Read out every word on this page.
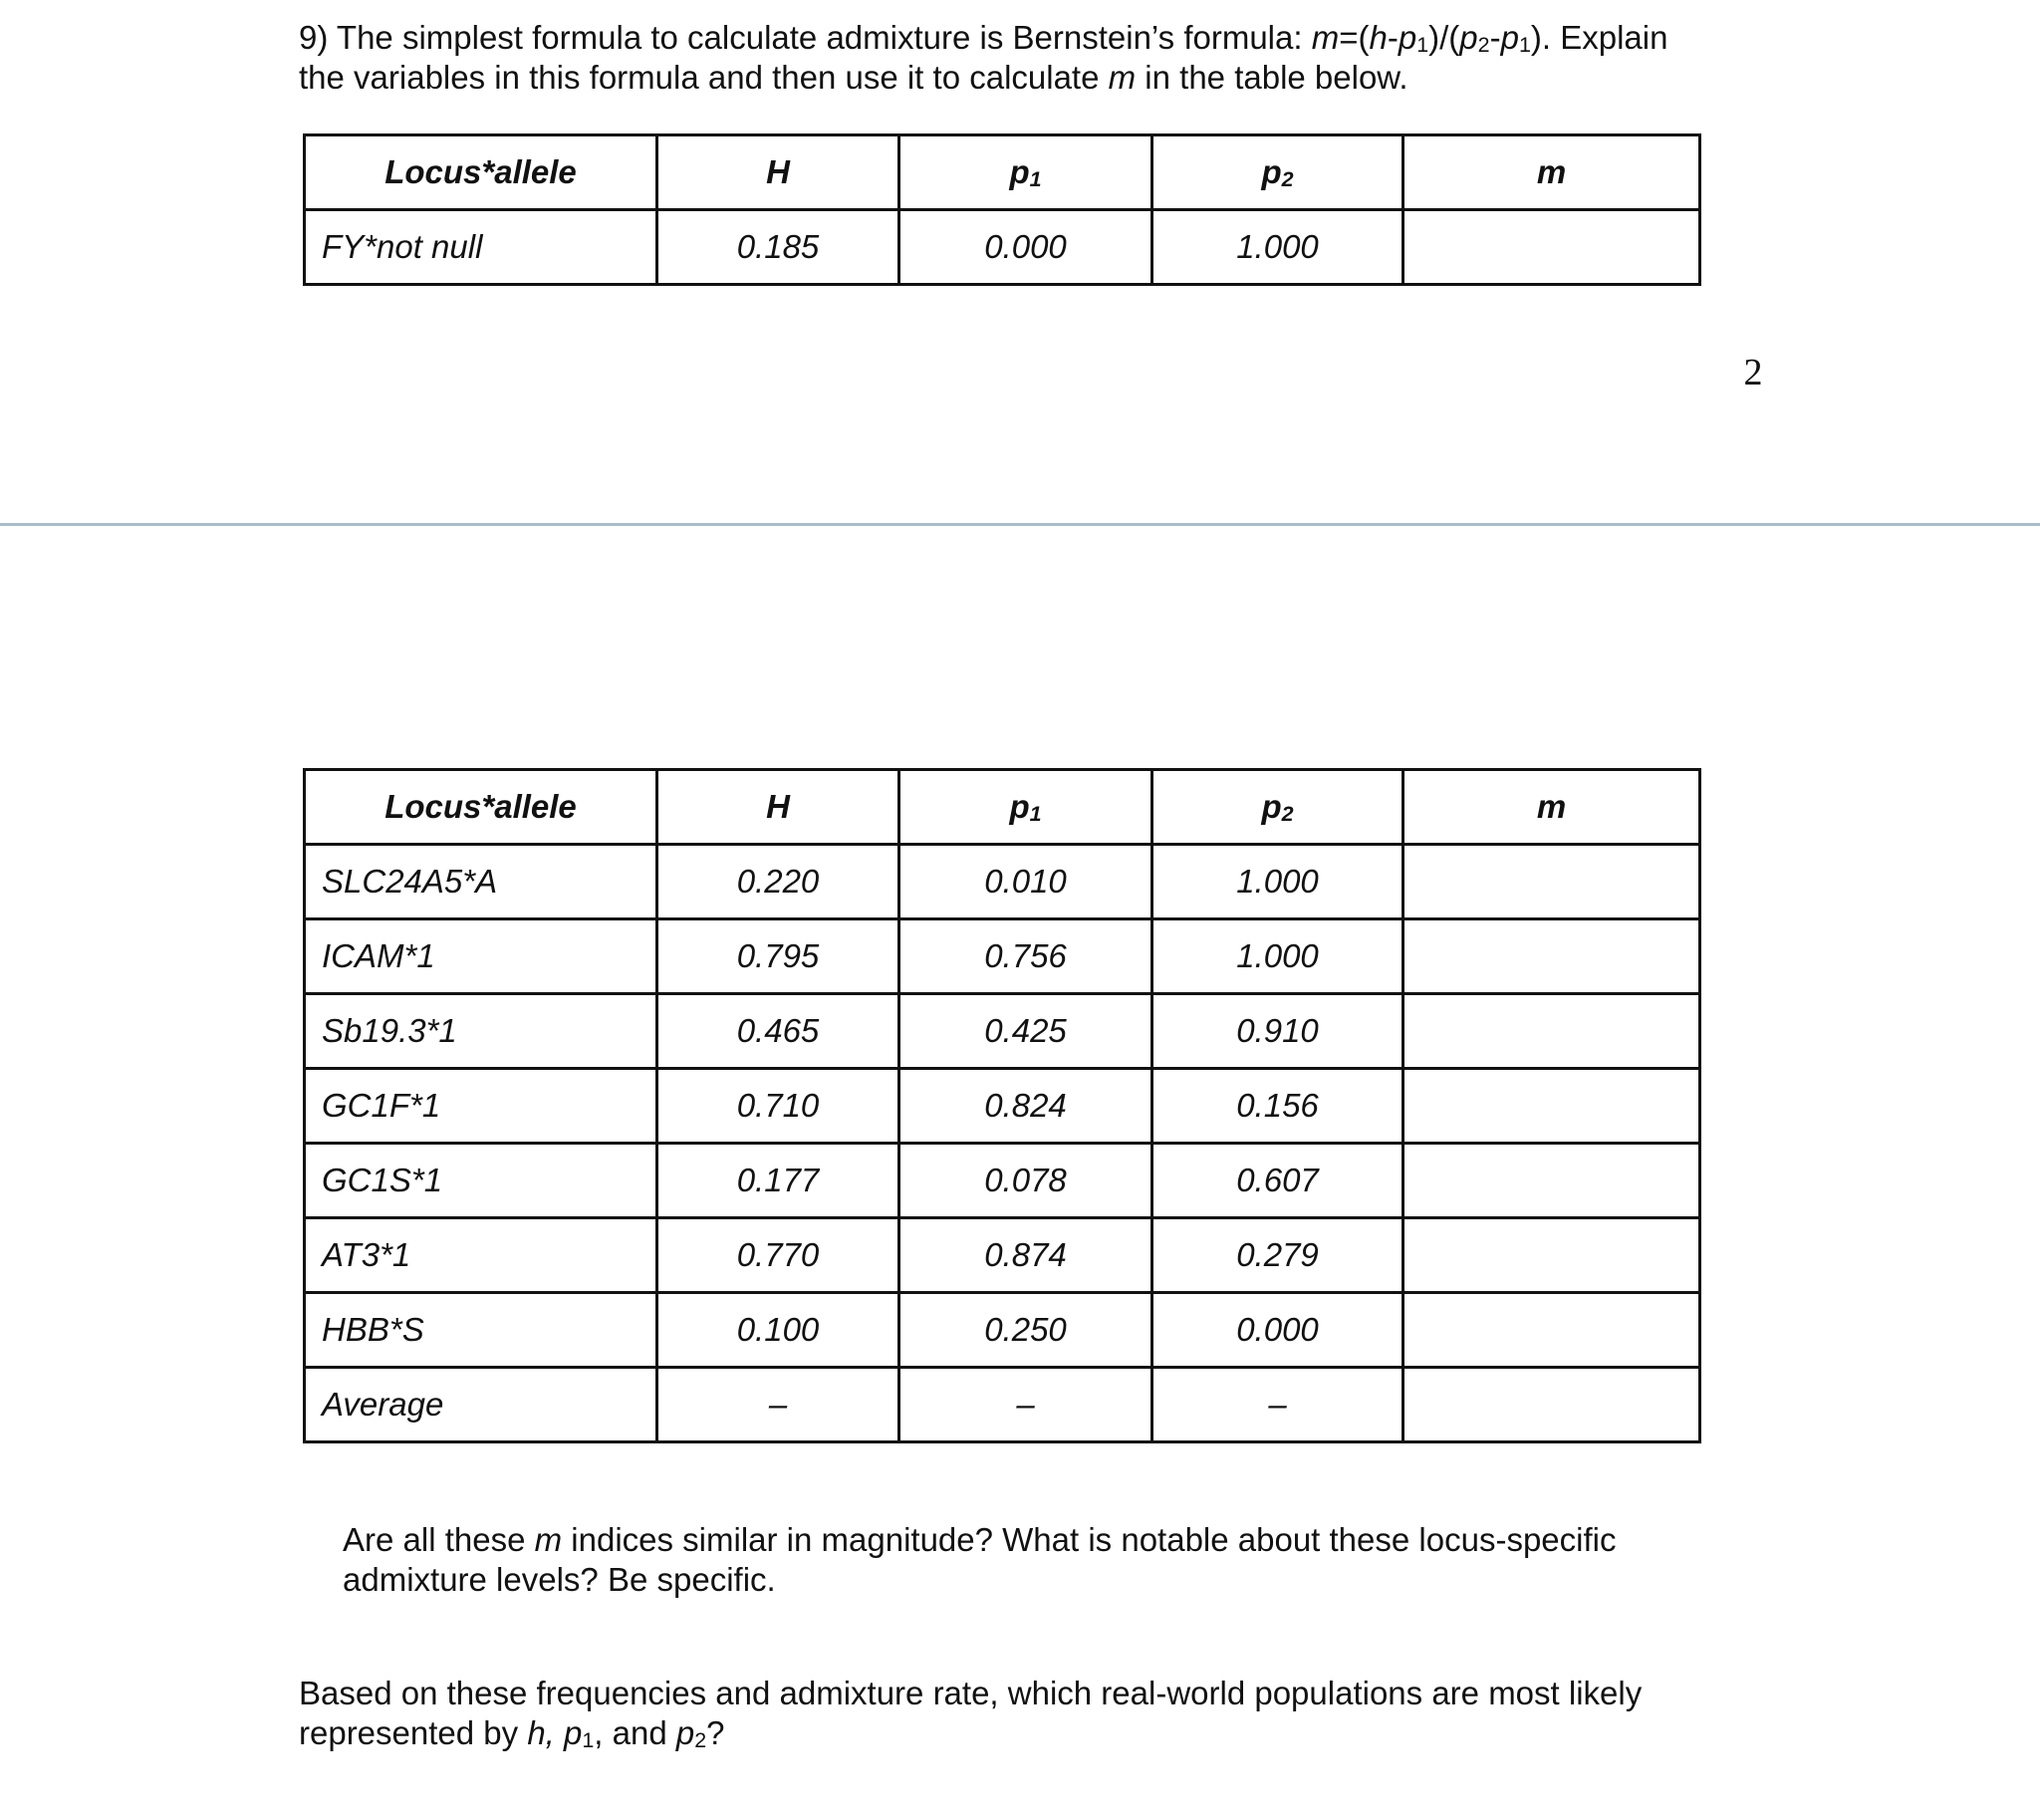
9) The simplest formula to calculate admixture is Bernstein’s formula: $m=(h-p_1)/(p_2-p_1)$. Explain
the variables in this formula and then use it to calculate m in the table below.

Locus*allele	H	$p_1$	$p_2$	m
FY*not null	0.185	0.000	1.000	
2
Locus*allele	H	$p_1$	$p_2$	m
SLC24A5*A	0.220	0.010	1.000	
ICAM*1	0.795	0.756	1.000	
Sb19.3*1	0.465	0.425	0.910	
GC1F*1	0.710	0.824	0.156	
GC1S*1	0.177	0.078	0.607	
AT3*1	0.770	0.874	0.279	
HBB*S	0.100	0.250	0.000	
Average	–	–	–	

Are all these m indices similar in magnitude? What is notable about these locus-specific admixture levels? Be specific.

Based on these frequencies and admixture rate, which real-world populations are most likely represented by h, $p_1$, and $p_2$?
